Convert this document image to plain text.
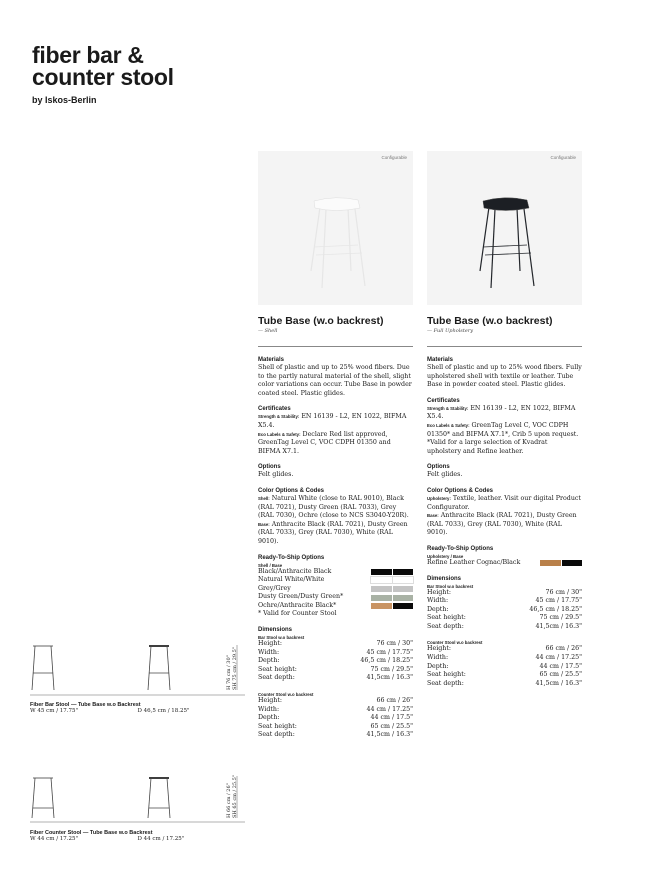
fiber bar &
counter stool
by Iskos-Berlin
Configurable
Tube Base (w.o backrest)
— Shell
Materials
Shell of plastic and up to 25% wood fibers. Due to the partly natural material of the shell, slight color variations can occur. Tube Base in powder coated steel. Plastic glides.
Certificates
Strength & Stability: EN 16139 - L2, EN 1022, BIFMA X5.4.
Eco Labels & Safety: Declare Red list approved, GreenTag Level C, VOC CDPH 01350 and BIFMA X7.1.
Options
Felt glides.
Color Options & Codes
Shell: Natural White (close to RAL 9010), Black (RAL 7021), Dusty Green (RAL 7033), Grey (RAL 7030), Ochre (close to NCS S3040-Y20R).
Base: Anthracite Black (RAL 7021), Dusty Green (RAL 7033), Grey (RAL 7030), White (RAL 9010).
Ready-To-Ship Options
Shell / Base
Black/Anthracite Black
Natural White/White
Grey/Grey
Dusty Green/Dusty Green*
Ochre/Anthracite Black*
* Valid for Counter Stool
Dimensions
Bar Stool w.o backrest
Height:	76 cm / 30"
Width:	45 cm / 17.75"
Depth:	46,5 cm / 18.25"
Seat height:	75 cm / 29.5"
Seat depth:	41,5cm / 16.3"
Counter Stool w.o backrest
Height:	66 cm / 26"
Width:	44 cm / 17.25"
Depth:	44 cm / 17.5"
Seat height:	65 cm / 25.5"
Seat depth:	41,5cm / 16.3"
Configurable
Tube Base (w.o backrest)
— Full Upholstery
Materials
Shell of plastic and up to 25% wood fibers. Fully upholstered shell with textile or leather. Tube Base in powder coated steel. Plastic glides.
Certificates
Strength & Stability: EN 16139 - L2, EN 1022, BIFMA X5.4.
Eco Labels & Safety: GreenTag Level C, VOC CDPH 01350* and BIFMA X7.1*, Crib 5 upon request.
*Valid for a large selection of Kvadrat upholstery and Refine leather.
Options
Felt glides.
Color Options & Codes
Upholstery: Textile, leather. Visit our digital Product Configurator.
Base: Anthracite Black (RAL 7021), Dusty Green (RAL 7033), Grey (RAL 7030), White (RAL 9010).
Ready-To-Ship Options
Upholstery / Base
Refine Leather Cognac/Black
Dimensions
Bar Stool w.o backrest
Height:	76 cm / 30"
Width:	45 cm / 17.75"
Depth:	46,5 cm / 18.25"
Seat height:	75 cm / 29.5"
Seat depth:	41,5cm / 16.3"
Counter Stool w.o backrest
Height:	66 cm / 26"
Width:	44 cm / 17.25"
Depth:	44 cm / 17.5"
Seat height:	65 cm / 25.5"
Seat depth:	41,5cm / 16.3"
H 76 cm / 30" SH 75 cm / 29.5"
Fiber Bar Stool — Tube Base w.o Backrest
W 45 cm / 17.75"	D 46,5 cm / 18.25"
H 66 cm / 26" SH 65 cm / 25.5"
Fiber Counter Stool — Tube Base w.o Backrest
W 44 cm / 17.25"	D 44 cm / 17.25"
